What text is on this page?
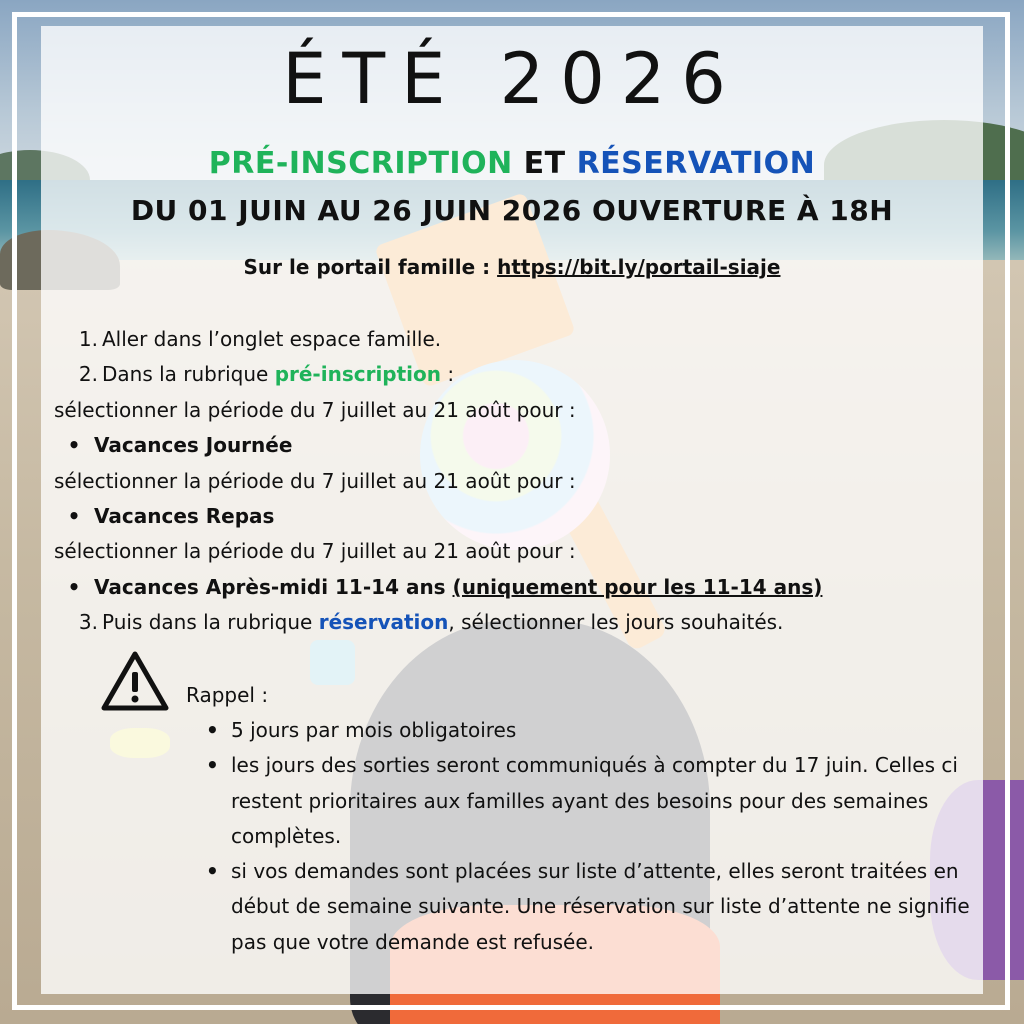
ÉTÉ 2026
PRÉ-INSCRIPTION ET RÉSERVATION
DU 01 JUIN AU 26 JUIN 2026 OUVERTURE À 18H
Sur le portail famille : https://bit.ly/portail-siaje
1. Aller dans l’onglet espace famille.
2. Dans la rubrique pré-inscription :
sélectionner la période du 7 juillet au 21 août pour :
• Vacances Journée
sélectionner la période du 7 juillet au 21 août pour :
• Vacances Repas
sélectionner la période du 7 juillet au 21 août pour :
• Vacances Après-midi 11-14 ans (uniquement pour les 11-14 ans)
3. Puis dans la rubrique réservation, sélectionner les jours souhaités.
Rappel :
• 5 jours par mois obligatoires
• les jours des sorties seront communiqués à compter du 17 juin. Celles ci restent prioritaires aux familles ayant des besoins pour des semaines complètes.
• si vos demandes sont placées sur liste d’attente, elles seront traitées en début de semaine suivante. Une réservation sur liste d’attente ne signifie pas que votre demande est refusée.
